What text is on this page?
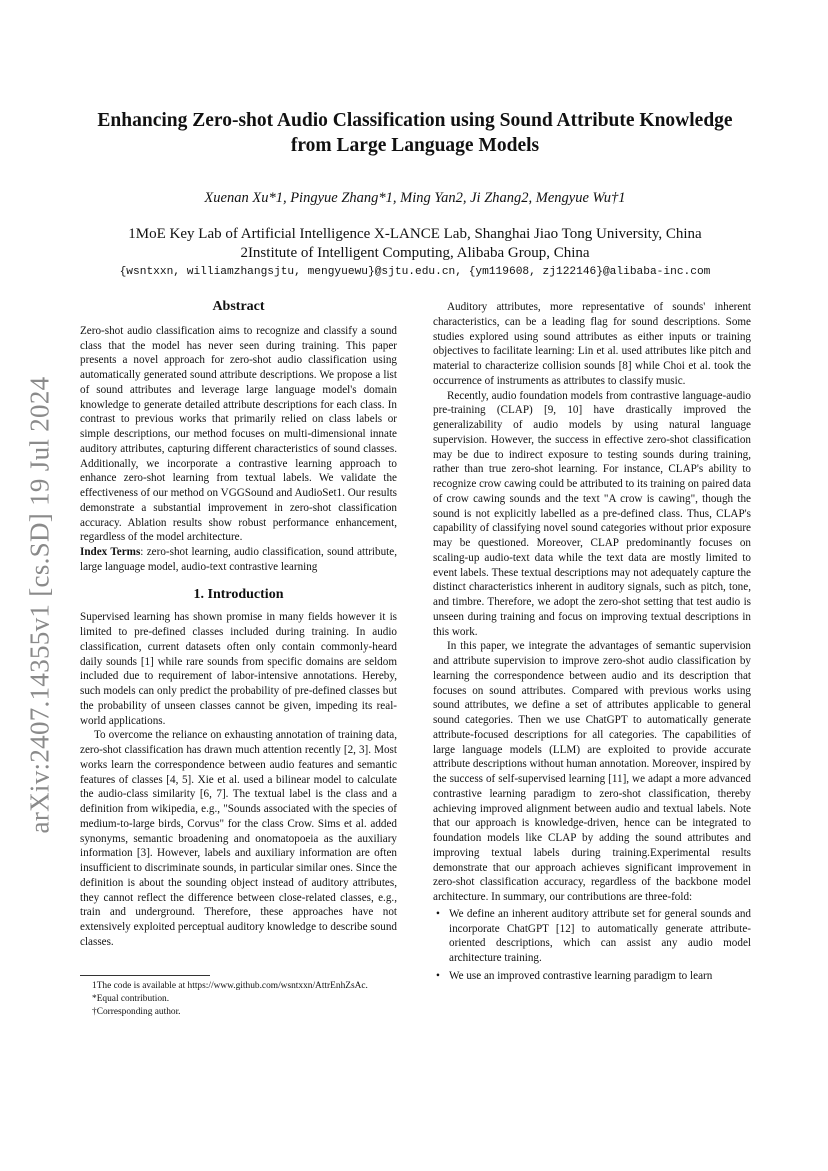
arXiv:2407.14355v1 [cs.SD] 19 Jul 2024
Enhancing Zero-shot Audio Classification using Sound Attribute Knowledge
from Large Language Models
Xuenan Xu*1, Pingyue Zhang*1, Ming Yan2, Ji Zhang2, Mengyue Wu†1
1MoE Key Lab of Artificial Intelligence X-LANCE Lab, Shanghai Jiao Tong University, China
2Institute of Intelligent Computing, Alibaba Group, China
{wsntxxn, williamzhangsjtu, mengyuewu}@sjtu.edu.cn, {ym119608, zj122146}@alibaba-inc.com
Abstract

Zero-shot audio classification aims to recognize and classify a sound class that the model has never seen during training. This paper presents a novel approach for zero-shot audio classification using automatically generated sound attribute descriptions. We propose a list of sound attributes and leverage large language model's domain knowledge to generate detailed attribute descriptions for each class. In contrast to previous works that primarily relied on class labels or simple descriptions, our method focuses on multi-dimensional innate auditory attributes, capturing different characteristics of sound classes. Additionally, we incorporate a contrastive learning approach to enhance zero-shot learning from textual labels. We validate the effectiveness of our method on VGGSound and AudioSet1. Our results demonstrate a substantial improvement in zero-shot classification accuracy. Ablation results show robust performance enhancement, regardless of the model architecture.

Index Terms: zero-shot learning, audio classification, sound attribute, large language model, audio-text contrastive learning

1. Introduction

Supervised learning has shown promise in many fields however it is limited to pre-defined classes included during training. In audio classification, current datasets often only contain commonly-heard daily sounds [1] while rare sounds from specific domains are seldom included due to requirement of labor-intensive annotations. Hereby, such models can only predict the probability of pre-defined classes but the probability of unseen classes cannot be given, impeding its real-world applications.

To overcome the reliance on exhausting annotation of training data, zero-shot classification has drawn much attention recently [2, 3]. Most works learn the correspondence between audio features and semantic features of classes [4, 5]. Xie et al. used a bilinear model to calculate the audio-class similarity [6, 7]. The textual label is the class and a definition from wikipedia, e.g., "Sounds associated with the species of medium-to-large birds, Corvus" for the class Crow. Sims et al. added synonyms, semantic broadening and onomatopoeia as the auxiliary information [3]. However, labels and auxiliary information are often insufficient to discriminate sounds, in particular similar ones. Since the definition is about the sounding object instead of auditory attributes, they cannot reflect the difference between close-related classes, e.g., train and underground. Therefore, these approaches have not extensively exploited perceptual auditory knowledge to describe sound classes.

1The code is available at https://www.github.com/wsntxxn/AttrEnhZsAc.

*Equal contribution.

†Corresponding author.

Auditory attributes, more representative of sounds' inherent characteristics, can be a leading flag for sound descriptions. Some studies explored using sound attributes as either inputs or training objectives to facilitate learning: Lin et al. used attributes like pitch and material to characterize collision sounds [8] while Choi et al. took the occurrence of instruments as attributes to classify music.

Recently, audio foundation models from contrastive language-audio pre-training (CLAP) [9, 10] have drastically improved the generalizability of audio models by using natural language supervision. However, the success in effective zero-shot classification may be due to indirect exposure to testing sounds during training, rather than true zero-shot learning. For instance, CLAP's ability to recognize crow cawing could be attributed to its training on paired data of crow cawing sounds and the text "A crow is cawing", though the sound is not explicitly labelled as a pre-defined class. Thus, CLAP's capability of classifying novel sound categories without prior exposure may be questioned. Moreover, CLAP predominantly focuses on scaling-up audio-text data while the text data are mostly limited to event labels. These textual descriptions may not adequately capture the distinct characteristics inherent in auditory signals, such as pitch, tone, and timbre. Therefore, we adopt the zero-shot setting that test audio is unseen during training and focus on improving textual descriptions in this work.

In this paper, we integrate the advantages of semantic supervision and attribute supervision to improve zero-shot audio classification by learning the correspondence between audio and its description that focuses on sound attributes. Compared with previous works using sound attributes, we define a set of attributes applicable to general sound categories. Then we use ChatGPT to automatically generate attribute-focused descriptions for all categories. The capabilities of large language models (LLM) are exploited to provide accurate attribute descriptions without human annotation. Moreover, inspired by the success of self-supervised learning [11], we adapt a more advanced contrastive learning paradigm to zero-shot classification, thereby achieving improved alignment between audio and textual labels. Note that our approach is knowledge-driven, hence can be integrated to foundation models like CLAP by adding the sound attributes and improving textual labels during training.Experimental results demonstrate that our approach achieves significant improvement in zero-shot classification accuracy, regardless of the backbone model architecture. In summary, our contributions are three-fold:

• We define an inherent auditory attribute set for general sounds and incorporate ChatGPT [12] to automatically generate attribute-oriented descriptions, which can assist any audio model architecture training.
• We use an improved contrastive learning paradigm to learn
